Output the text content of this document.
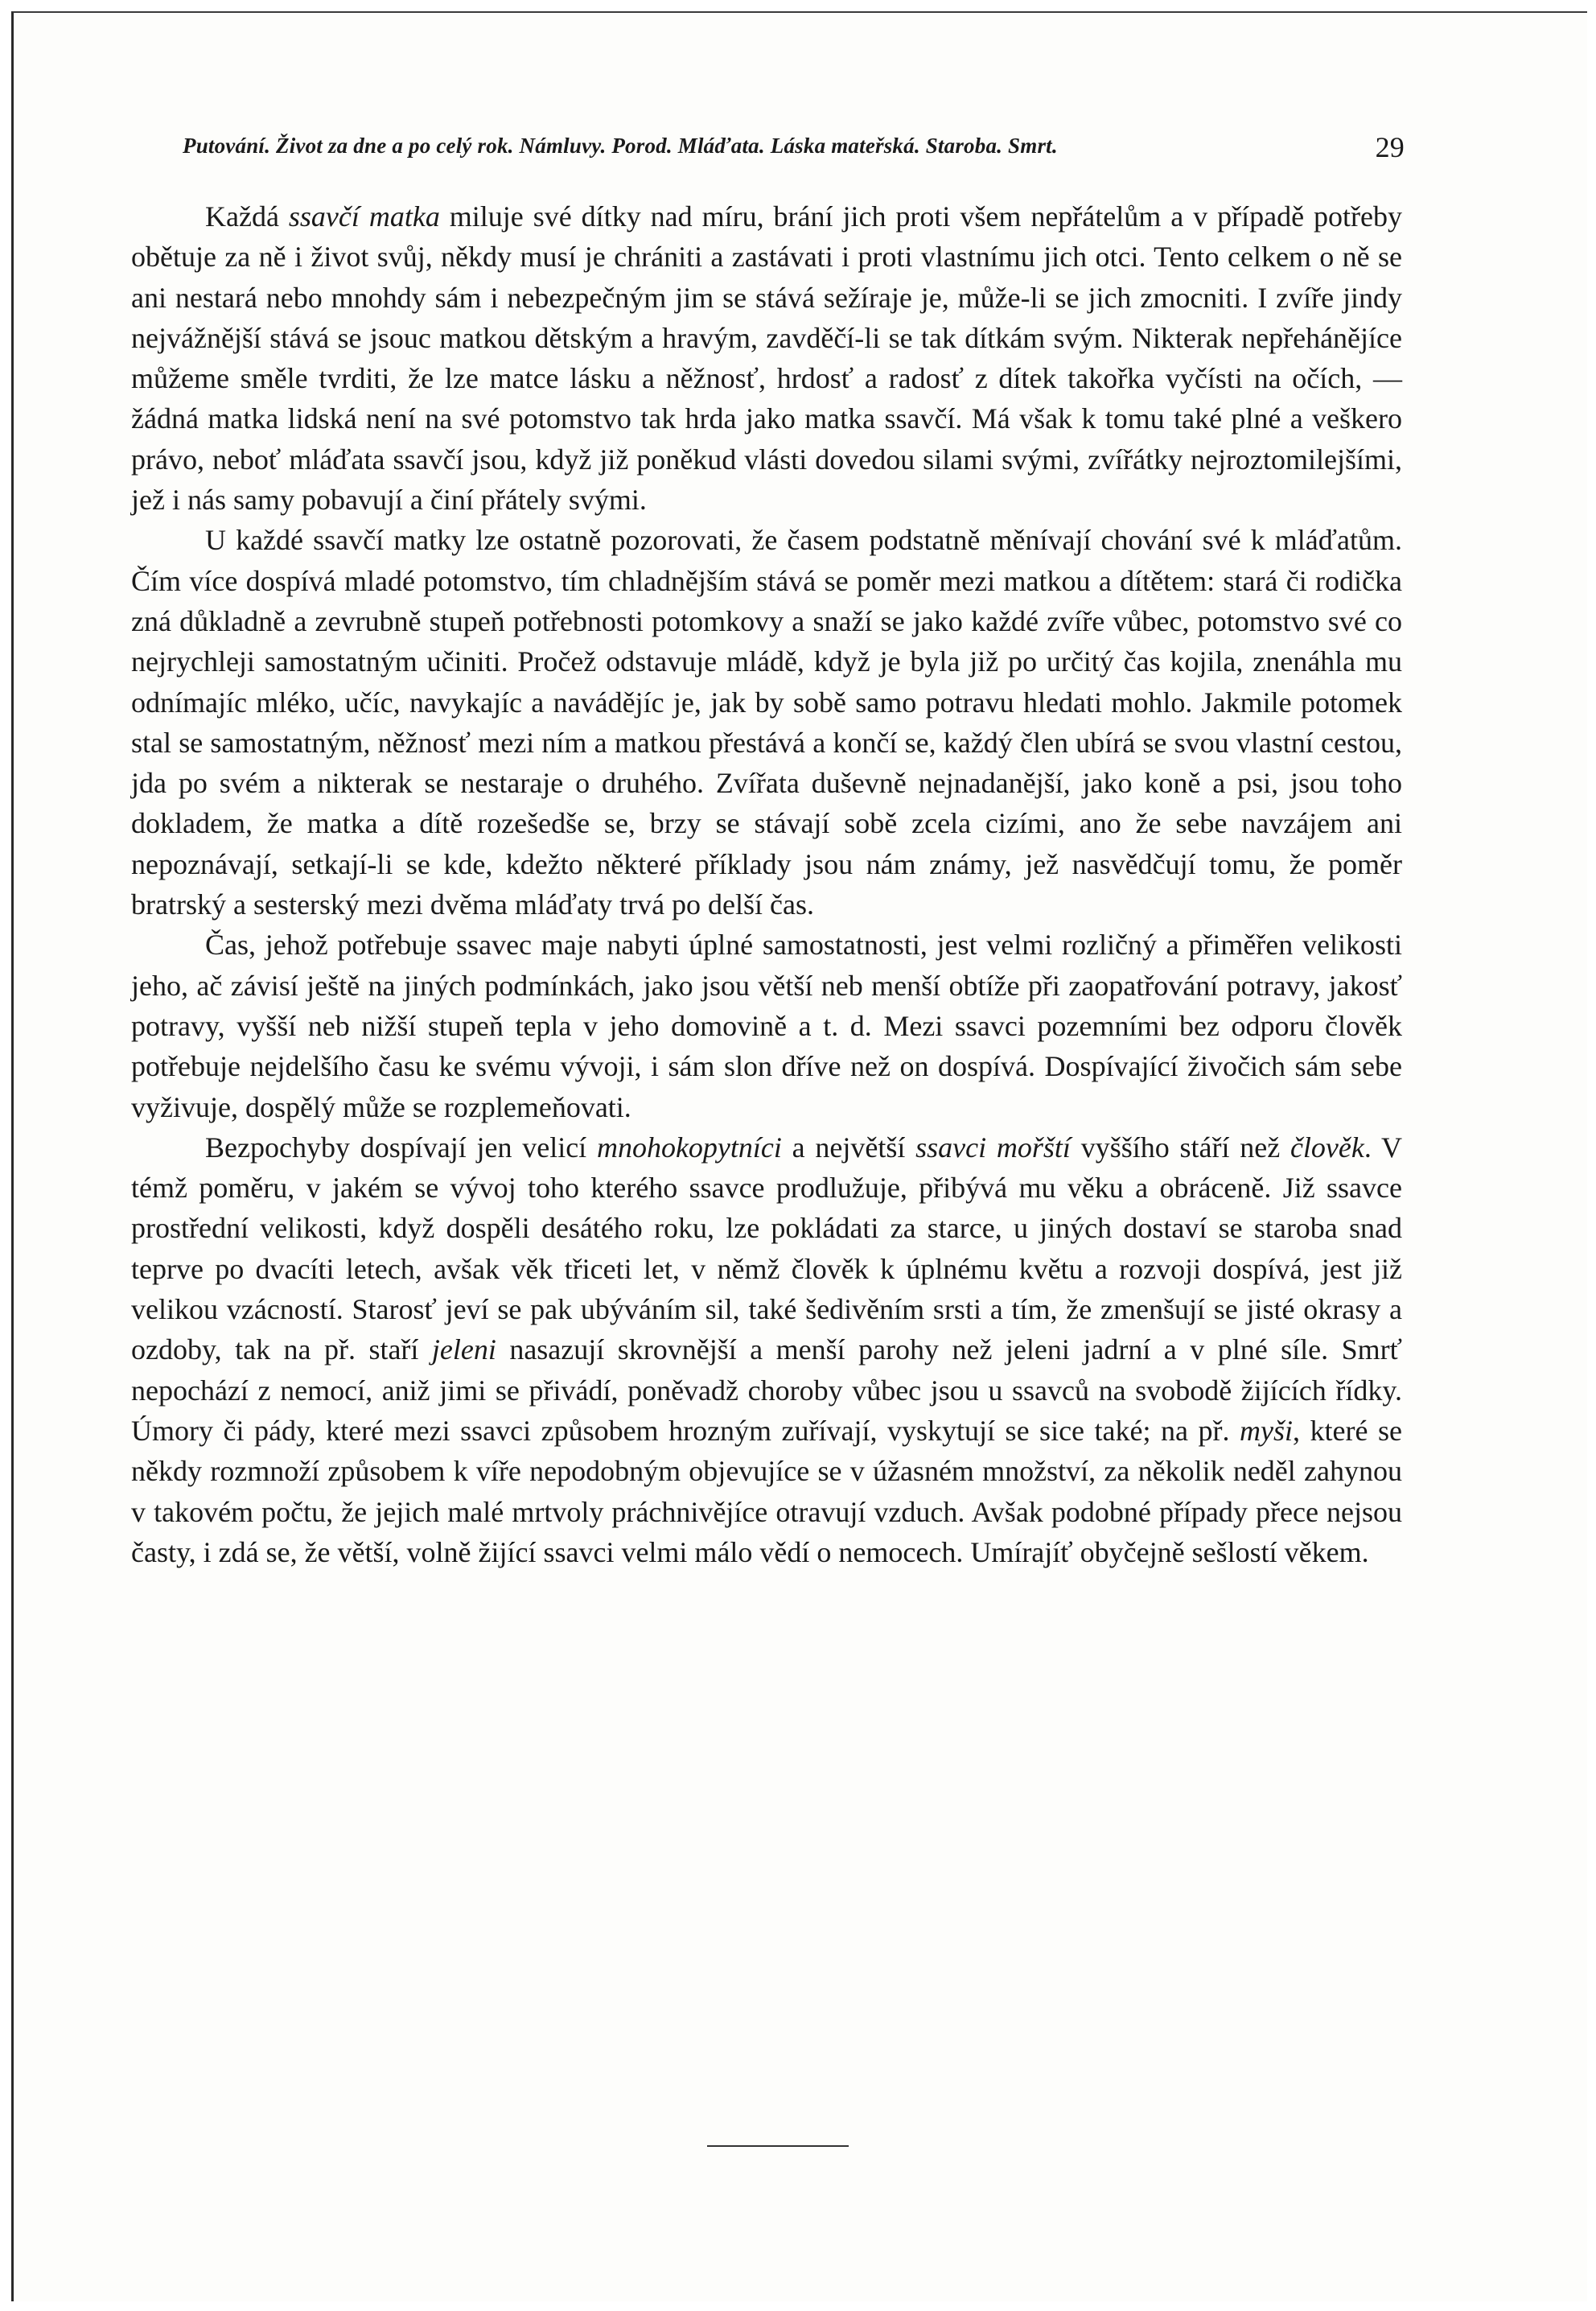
Putování. Život za dne a po celý rok. Námluvy. Porod. Mláďata. Láska mateřská. Staroba. Smrt.	29

Každá ssavčí matka miluje své dítky nad míru, brání jich proti všem nepřátelům a v případě potřeby obětuje za ně i život svůj, někdy musí je chrániti a zastávati i proti vlastnímu jich otci. Tento celkem o ně se ani nestará nebo mnohdy sám i nebezpečným jim se stává sežíraje je, může-li se jich zmocniti. I zvíře jindy nejvážnější stává se jsouc matkou dětským a hravým, zavděčí-li se tak dítkám svým. Nikterak nepřehánějíce můžeme směle tvrditi, že lze matce lásku a něžnosť, hrdosť a radosť z dítek takořka vyčísti na očích, — žádná matka lidská není na své potomstvo tak hrda jako matka ssavčí. Má však k tomu také plné a veškero právo, neboť mláďata ssavčí jsou, když již poněkud vlásti dovedou silami svými, zvířátky nejroztomilejšími, jež i nás samy pobavují a činí přátely svými.

U každé ssavčí matky lze ostatně pozorovati, že časem podstatně měnívají chování své k mláďatům. Čím více dospívá mladé potomstvo, tím chladnějším stává se poměr mezi matkou a dítětem: stará či rodička zná důkladně a zevrubně stupeň potřebnosti potomkovy a snaží se jako každé zvíře vůbec, potomstvo své co nejrychleji samostatným učiniti. Pročež odstavuje mládě, když je byla již po určitý čas kojila, znenáhla mu odnímajíc mléko, učíc, navykajíc a navádějíc je, jak by sobě samo potravu hledati mohlo. Jakmile potomek stal se samostatným, něžnosť mezi ním a matkou přestává a končí se, každý člen ubírá se svou vlastní cestou, jda po svém a nikterak se nestaraje o druhého. Zvířata duševně nejnadanější, jako koně a psi, jsou toho dokladem, že matka a dítě rozešedše se, brzy se stávají sobě zcela cizími, ano že sebe navzájem ani nepoznávají, setkají-li se kde, kdežto některé příklady jsou nám známy, jež nasvědčují tomu, že poměr bratrský a sesterský mezi dvěma mláďaty trvá po delší čas.

Čas, jehož potřebuje ssavec maje nabyti úplné samostatnosti, jest velmi rozličný a přiměřen velikosti jeho, ač závisí ještě na jiných podmínkách, jako jsou větší neb menší obtíže při zaopatřování potravy, jakosť potravy, vyšší neb nižší stupeň tepla v jeho domovině a t. d. Mezi ssavci pozemními bez odporu člověk potřebuje nejdelšího času ke svému vývoji, i sám slon dříve než on dospívá. Dospívající živočich sám sebe vyživuje, dospělý může se rozplemeňovati.

Bezpochyby dospívají jen velicí mnohokopytníci a největší ssavci mořští vyššího stáří než člověk. V témž poměru, v jakém se vývoj toho kterého ssavce prodlužuje, přibývá mu věku a obráceně. Již ssavce prostřední velikosti, když dospěli desátého roku, lze pokládati za starce, u jiných dostaví se staroba snad teprve po dvacíti letech, avšak věk třiceti let, v němž člověk k úplnému květu a rozvoji dospívá, jest již velikou vzácností. Starosť jeví se pak ubýváním sil, také šedivěním srsti a tím, že zmenšují se jisté okrasy a ozdoby, tak na př. staří jeleni nasazují skrovnější a menší parohy než jeleni jadrní a v plné síle. Smrť nepochází z nemocí, aniž jimi se přivádí, poněvadž choroby vůbec jsou u ssavců na svobodě žijících řídky. Úmory či pády, které mezi ssavci způsobem hrozným zuřívají, vyskytují se sice také; na př. myši, které se někdy rozmnoží způsobem k víře nepodobným objevujíce se v úžasném množství, za několik neděl zahynou v takovém počtu, že jejich malé mrtvoly práchnivějíce otravují vzduch. Avšak podobné případy přece nejsou časty, i zdá se, že větší, volně žijící ssavci velmi málo vědí o nemocech. Umírajíť obyčejně sešlostí věkem.
